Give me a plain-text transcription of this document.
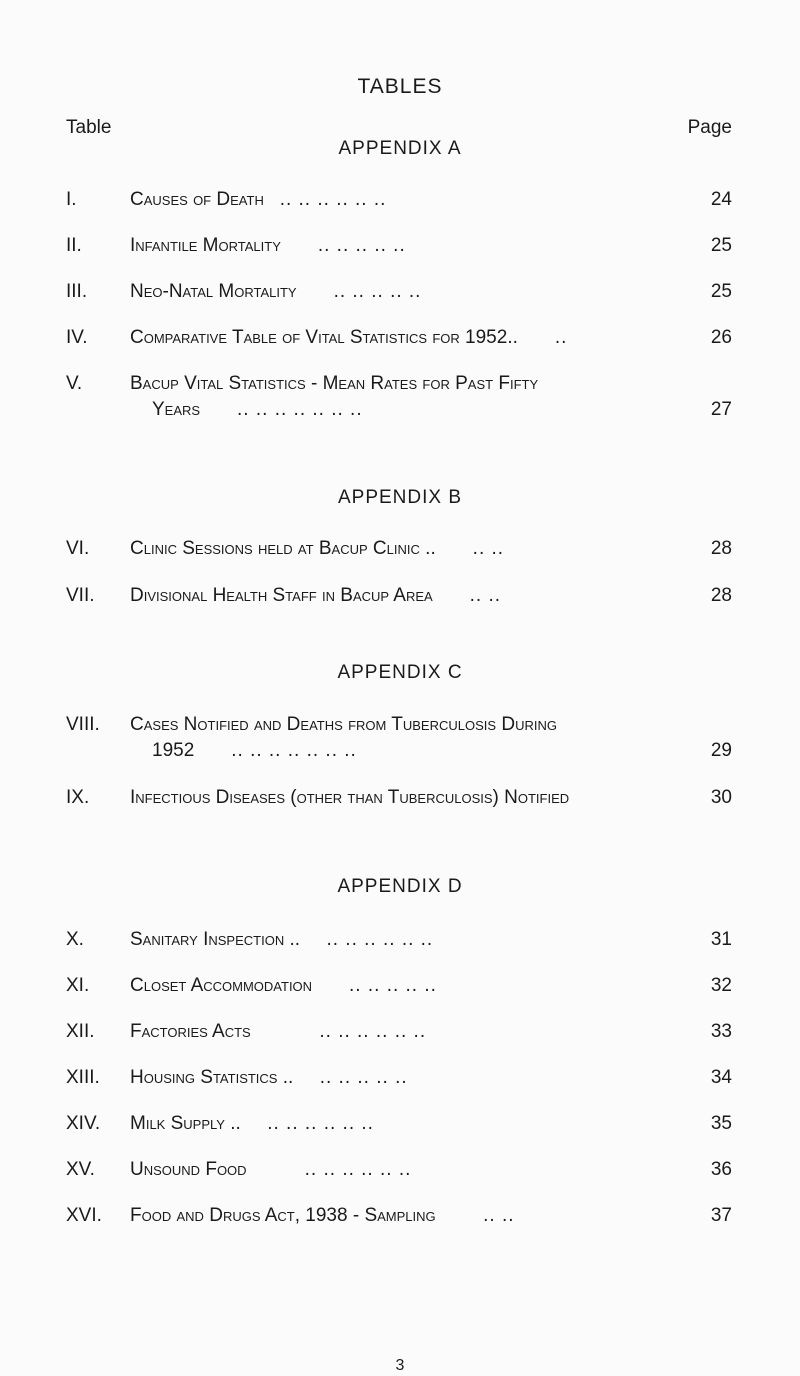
TABLES
Table	Page
APPENDIX A
APPENDIX B
APPENDIX C
APPENDIX D
I.	Causes of Death .. .. .. .. .. ..	24
II.	Infantile Mortality .. .. .. .. ..	25
III. Neo-Natal Mortality .. .. .. .. ..	25
IV. Comparative Table of Vital Statistics for 1952.. ..	26
V.	Bacup Vital Statistics - Mean Rates for Past Fifty
Years .. .. .. .. .. .. ..	27
VI. Clinic Sessions held at Bacup Clinic .. .. ..	28
VII. Divisional Health Staff in Bacup Area .. ..	28
VIII. Cases Notified and Deaths from Tuberculosis During
1952 .. .. .. .. .. .. ..	29
IX. Infectious Diseases (other than Tuberculosis) Notified	30
X. Sanitary Inspection .. .. .. .. .. .. ..	31
XI. Closet Accommodation .. .. .. .. ..	32
XII. Factories Acts	.. .. .. .. .. ..	33
XIII. Housing Statistics .. .. .. .. .. ..	34
XIV. Milk Supply .. .. .. .. .. .. ..	35
XV. Unsound Food	.. .. .. .. .. ..	36
XVI. Food and Drugs Act, 1938 - Sampling	.. ..	37
3
